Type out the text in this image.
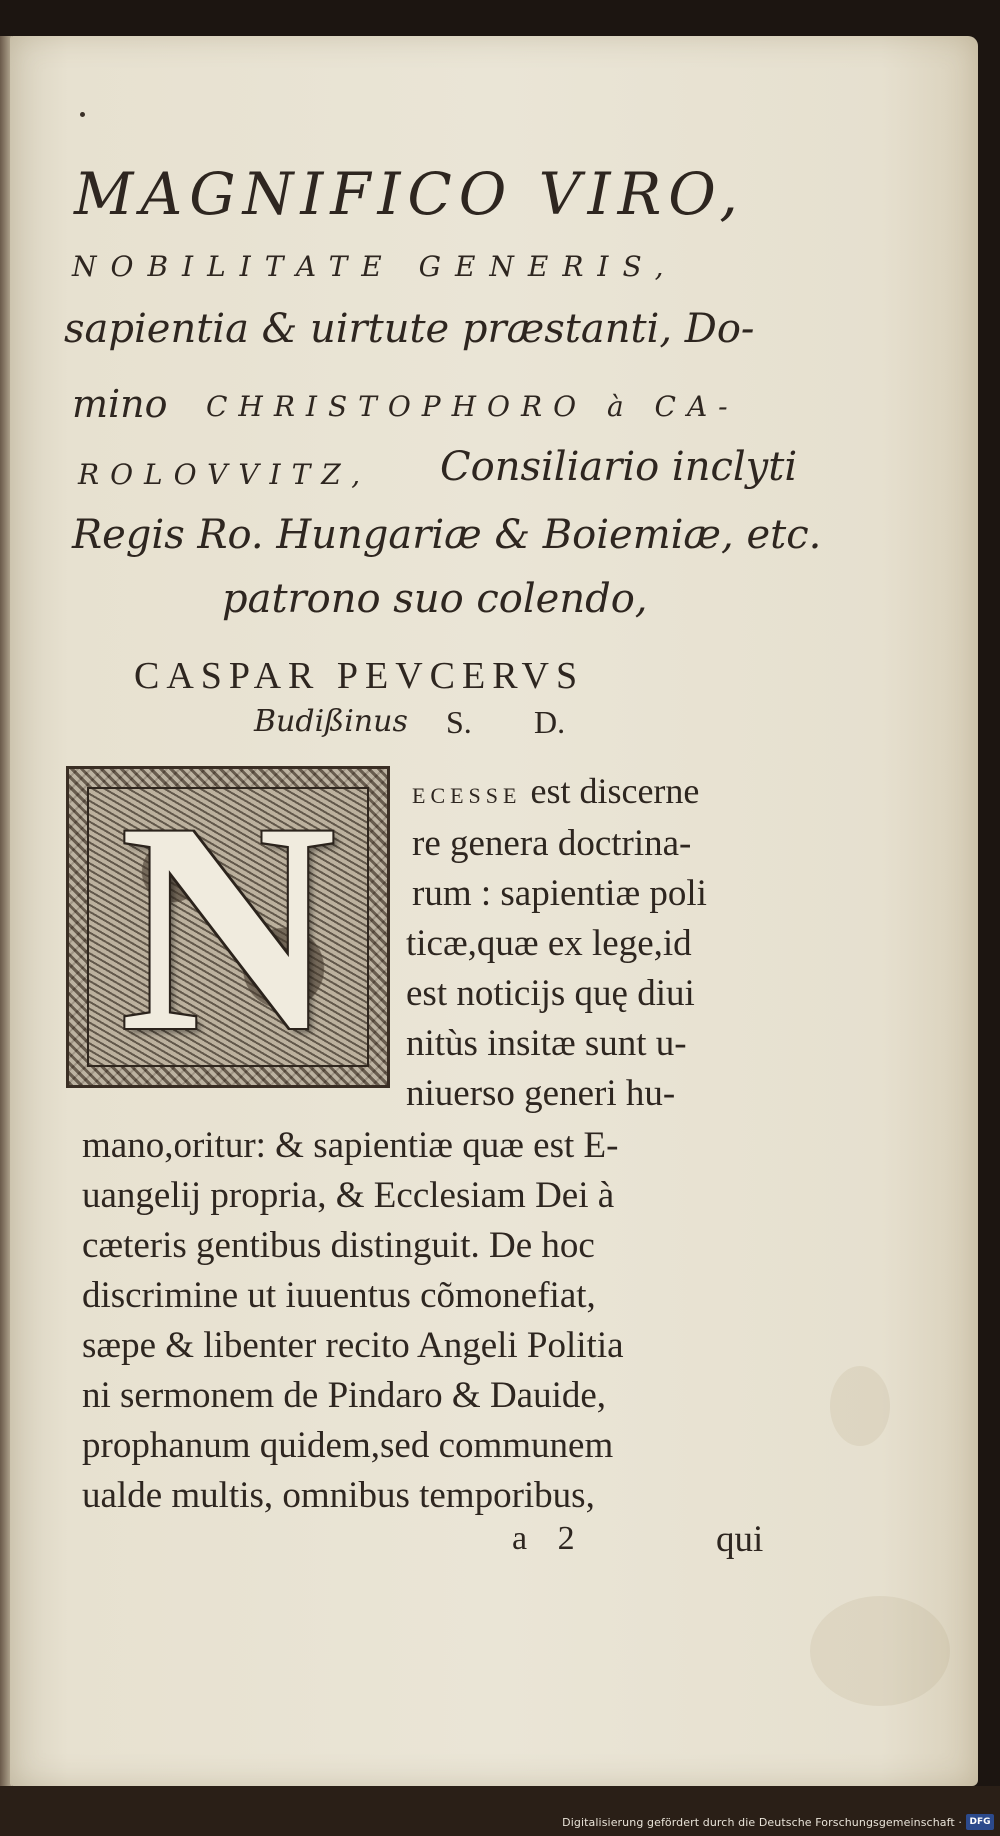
MAGNIFICO VIRO,
NOBILITATE GENERIS,
sapientia & uirtute præstanti, Do-
mino CHRISTOPHORO à CA-
ROLOVVITZ, Consiliario inclyti
Regis Ro. Hungariæ & Boiemiæ, etc.
patrono suo colendo,
CASPAR PEVCERVS
Budißinus S. D.
N	ECESSE est discerne
re genera doctrina-
rum : sapientiæ poli
ticæ,quæ ex lege,id
est noticijs quę diui
nitùs insitæ sunt u-
niuerso generi hu-
mano,oritur: & sapientiæ quæ est E-
uangelij propria, & Ecclesiam Dei à
cæteris gentibus distinguit. De hoc
discrimine ut iuuentus cõmonefiat,
sæpe & libenter recito Angeli Politia
ni sermonem de Pindaro & Dauide,
prophanum quidem,sed communem
ualde multis, omnibus temporibus,
a 2	qui
Digitalisierung gefördert durch die Deutsche Forschungsgemeinschaft · DFG
